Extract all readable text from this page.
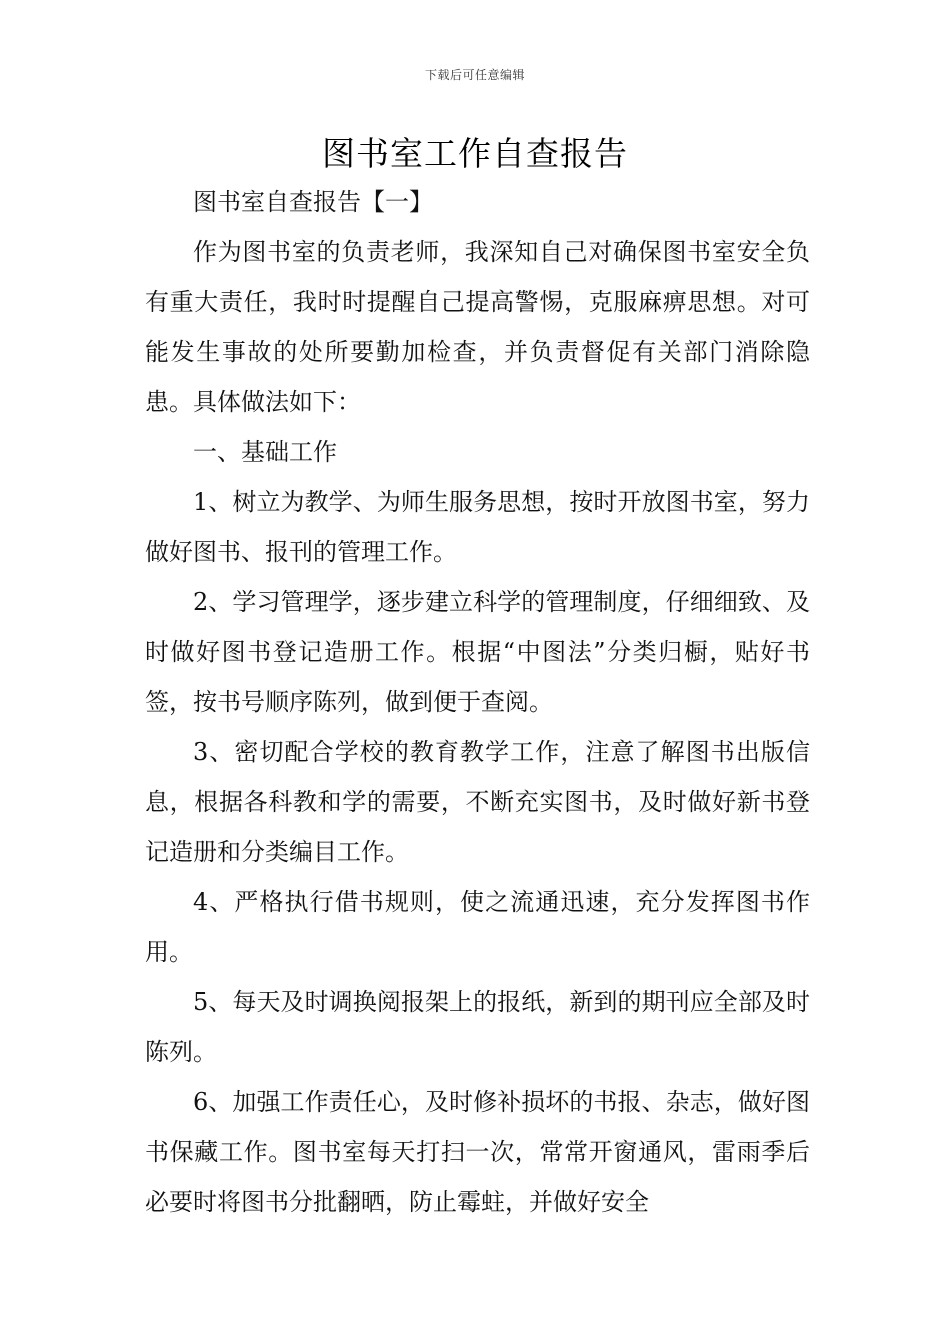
下载后可任意编辑
图书室工作自查报告

图书室自查报告【一】

作为图书室的负责老师，我深知自己对确保图书室安全负有重大责任，我时时提醒自己提高警惕，克服麻痹思想。对可能发生事故的处所要勤加检查，并负责督促有关部门消除隐患。具体做法如下：

一、基础工作

1、树立为教学、为师生服务思想，按时开放图书室，努力做好图书、报刊的管理工作。

2、学习管理学，逐步建立科学的管理制度，仔细细致、及时做好图书登记造册工作。根据“中图法”分类归橱，贴好书签，按书号顺序陈列，做到便于查阅。

3、密切配合学校的教育教学工作，注意了解图书出版信息，根据各科教和学的需要，不断充实图书，及时做好新书登记造册和分类编目工作。

4、严格执行借书规则，使之流通迅速，充分发挥图书作用。

5、每天及时调换阅报架上的报纸，新到的期刊应全部及时陈列。

6、加强工作责任心，及时修补损坏的书报、杂志，做好图书保藏工作。图书室每天打扫一次，常常开窗通风，雷雨季后必要时将图书分批翻晒，防止霉蛀，并做好安全
